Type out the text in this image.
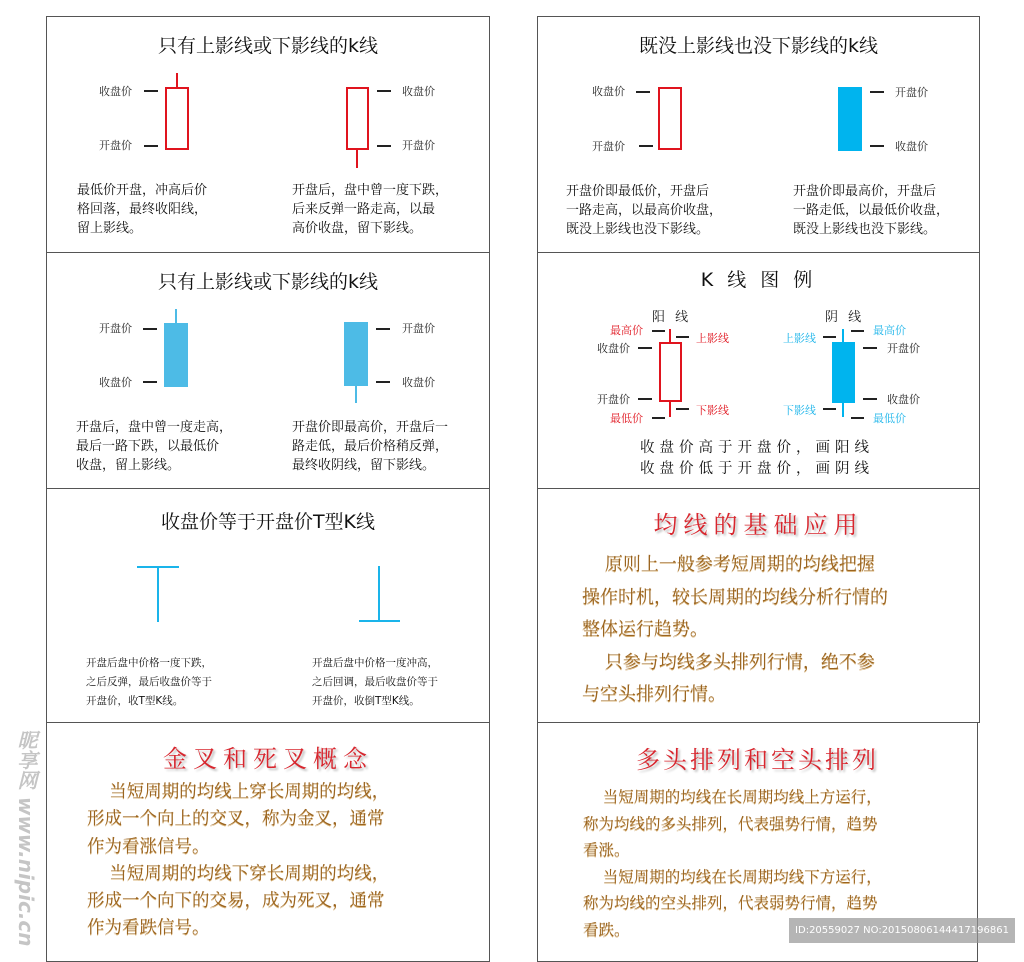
只有上影线或下影线的k线
收盘价
开盘价
收盘价
开盘价
最低价开盘，冲高后价
格回落，最终收阳线，
留上影线。
开盘后，盘中曾一度下跌，
后来反弹一路走高，以最
高价收盘，留下影线。
既没上影线也没下影线的k线
收盘价
开盘价
开盘价
收盘价
开盘价即最低价，开盘后
一路走高，以最高价收盘，
既没上影线也没下影线。
开盘价即最高价，开盘后
一路走低，以最低价收盘，
既没上影线也没下影线。
只有上影线或下影线的k线
开盘价
收盘价
开盘价
收盘价
开盘后，盘中曾一度走高，
最后一路下跌，以最低价
收盘，留上影线。
开盘价即最高价，开盘后一
路走低，最后价格稍反弹，
最终收阴线，留下影线。
K 线 图 例
阳 线
最高价
收盘价
开盘价
最低价
上影线
下影线
阴 线
最高价
开盘价
收盘价
最低价
上影线
下影线
收盘价高于开盘价，画阳线
收盘价低于开盘价，画阴线
收盘价等于开盘价T型K线
开盘后盘中价格一度下跌，
之后反弹，最后收盘价等于
开盘价，收T型K线。
开盘后盘中价格一度冲高，
之后回调，最后收盘价等于
开盘价，收倒T型K线。
均线的基础应用
原则上一般参考短周期的均线把握
操作时机，较长周期的均线分析行情的
整体运行趋势。
只参与均线多头排列行情，绝不参
与空头排列行情。
金叉和死叉概念
当短周期的均线上穿长周期的均线，
形成一个向上的交叉，称为金叉，通常
作为看涨信号。
当短周期的均线下穿长周期的均线，
形成一个向下的交易，成为死叉，通常
作为看跌信号。
多头排列和空头排列
当短周期的均线在长周期均线上方运行，
称为均线的多头排列，代表强势行情，趋势
看涨。
当短周期的均线在长周期均线下方运行，
称为均线的空头排列，代表弱势行情，趋势
看跌。
昵享网 www.nipic.cn	ID:20559027 NO:20150806144417196861
